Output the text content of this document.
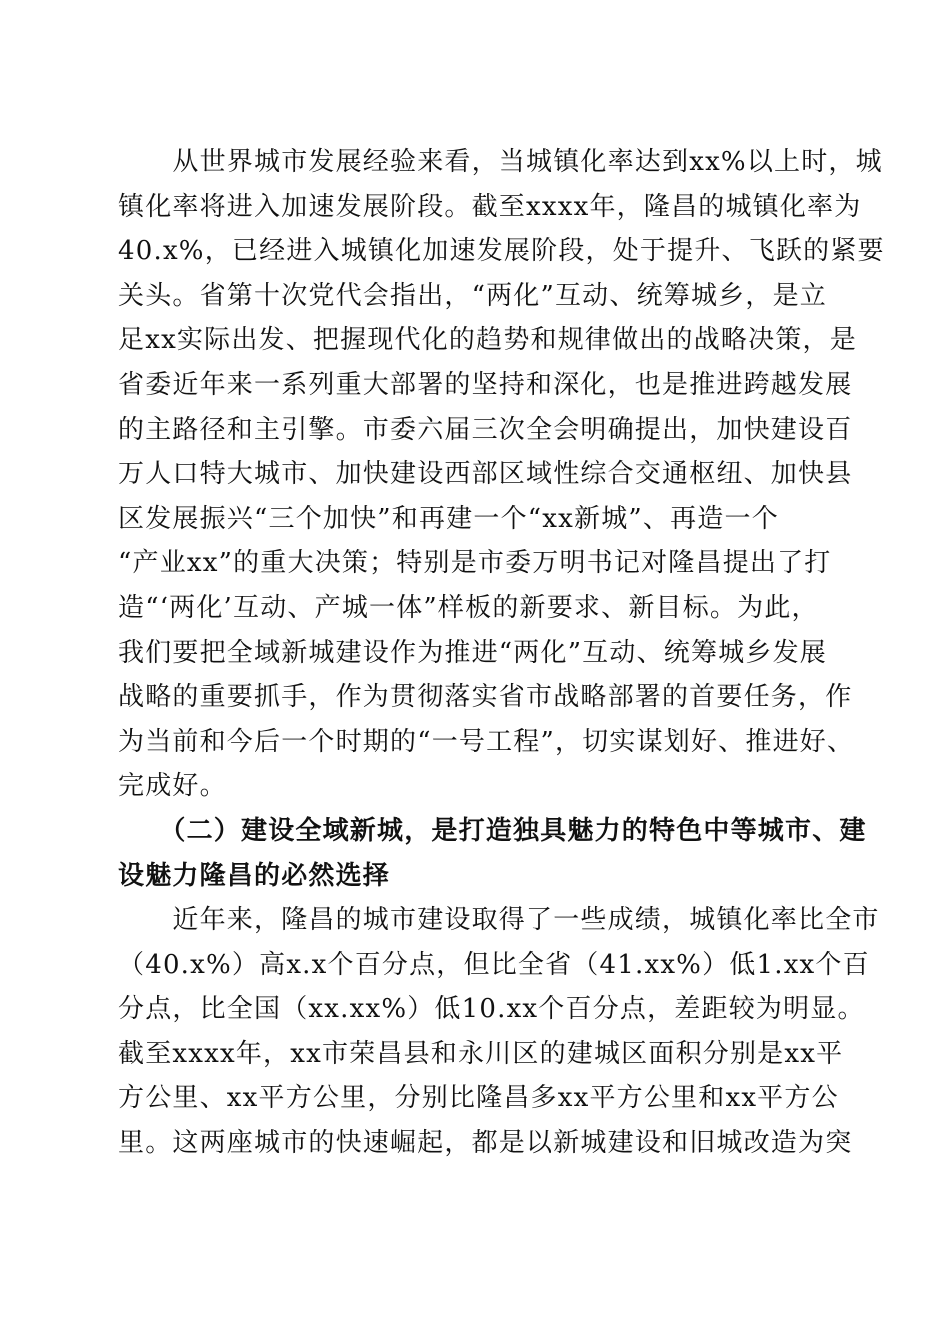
　　从世界城市发展经验来看，当城镇化率达到xx%以上时，城
镇化率将进入加速发展阶段。截至xxxx年，隆昌的城镇化率为
40.x%，已经进入城镇化加速发展阶段，处于提升、飞跃的紧要
关头。省第十次党代会指出，“两化”互动、统筹城乡，是立
足xx实际出发、把握现代化的趋势和规律做出的战略决策，是
省委近年来一系列重大部署的坚持和深化，也是推进跨越发展
的主路径和主引擎。市委六届三次全会明确提出，加快建设百
万人口特大城市、加快建设西部区域性综合交通枢纽、加快县
区发展振兴“三个加快”和再建一个“xx新城”、再造一个
“产业xx”的重大决策；特别是市委万明书记对隆昌提出了打
造“‘两化’互动、产城一体”样板的新要求、新目标。为此，
我们要把全域新城建设作为推进“两化”互动、统筹城乡发展
战略的重要抓手，作为贯彻落实省市战略部署的首要任务，作
为当前和今后一个时期的“一号工程”，切实谋划好、推进好、
完成好。
　　（二）建设全域新城，是打造独具魅力的特色中等城市、建
设魅力隆昌的必然选择
　　近年来，隆昌的城市建设取得了一些成绩，城镇化率比全市
（40.x%）高x.x个百分点，但比全省（41.xx%）低1.xx个百
分点，比全国（xx.xx%）低10.xx个百分点，差距较为明显。
截至xxxx年，xx市荣昌县和永川区的建城区面积分别是xx平
方公里、xx平方公里，分别比隆昌多xx平方公里和xx平方公
里。这两座城市的快速崛起，都是以新城建设和旧城改造为突
